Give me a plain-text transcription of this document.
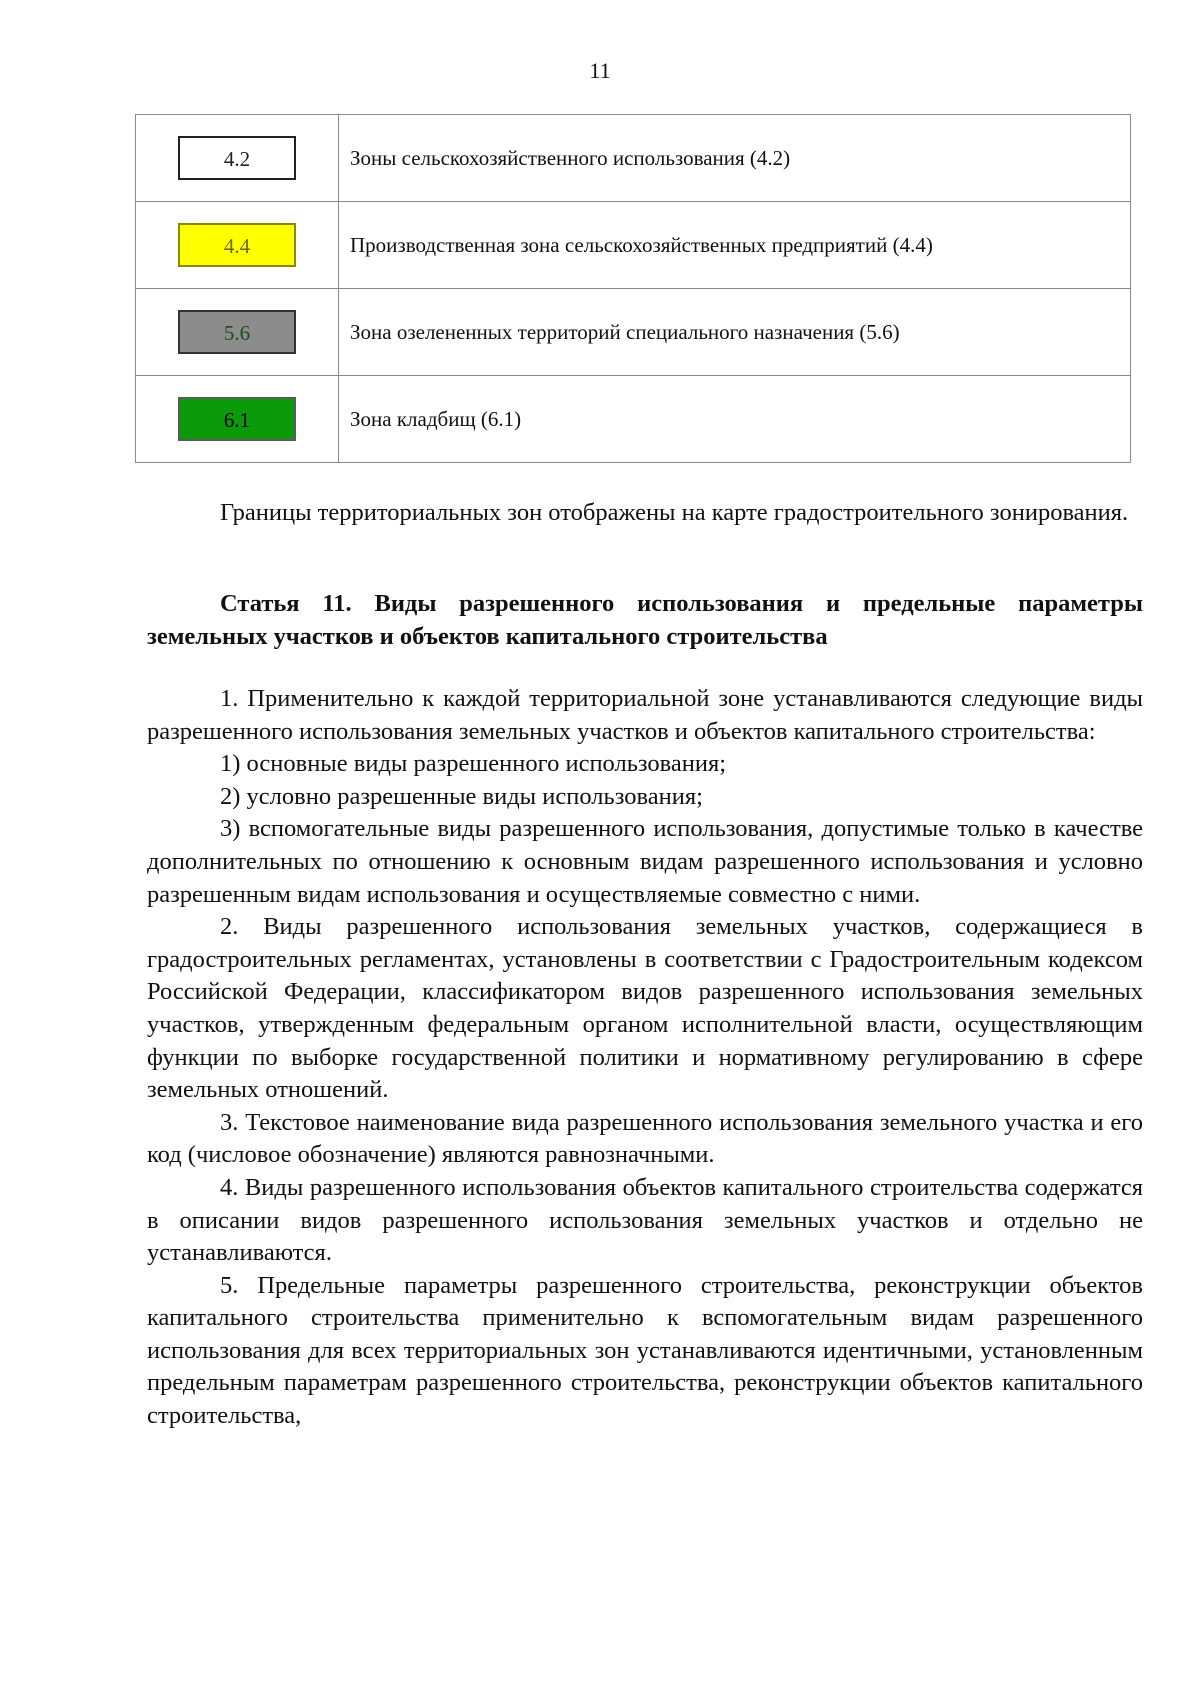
11
4.2	Зоны сельскохозяйственного использования (4.2)
4.4	Производственная зона сельскохозяйственных предприятий (4.4)
5.6	Зона озелененных территорий специального назначения (5.6)
6.1	Зона кладбищ (6.1)

Границы территориальных зон отображены на карте градостроительного зонирования.

Статья 11. Виды разрешенного использования и предельные параметры земельных участков и объектов капитального строительства

1. Применительно к каждой территориальной зоне устанавливаются следующие виды разрешенного использования земельных участков и объектов капитального строительства:

1) основные виды разрешенного использования;

2) условно разрешенные виды использования;

3) вспомогательные виды разрешенного использования, допустимые только в качестве дополнительных по отношению к основным видам разрешенного использования и условно разрешенным видам использования и осуществляемые совместно с ними.

2. Виды разрешенного использования земельных участков, содержащиеся в градостроительных регламентах, установлены в соответствии с Градостроительным кодексом Российской Федерации, классификатором видов разрешенного использования земельных участков, утвержденным федеральным органом исполнительной власти, осуществляющим функции по выборке государственной политики и нормативному регулированию в сфере земельных отношений.

3. Текстовое наименование вида разрешенного использования земельного участка и его код (числовое обозначение) являются равнозначными.

4. Виды разрешенного использования объектов капитального строительства содержатся в описании видов разрешенного использования земельных участков и отдельно не устанавливаются.

5. Предельные параметры разрешенного строительства, реконструкции объектов капитального строительства применительно к вспомогательным видам разрешенного использования для всех территориальных зон устанавливаются идентичными, установленным предельным параметрам разрешенного строительства, реконструкции объектов капитального строительства,
